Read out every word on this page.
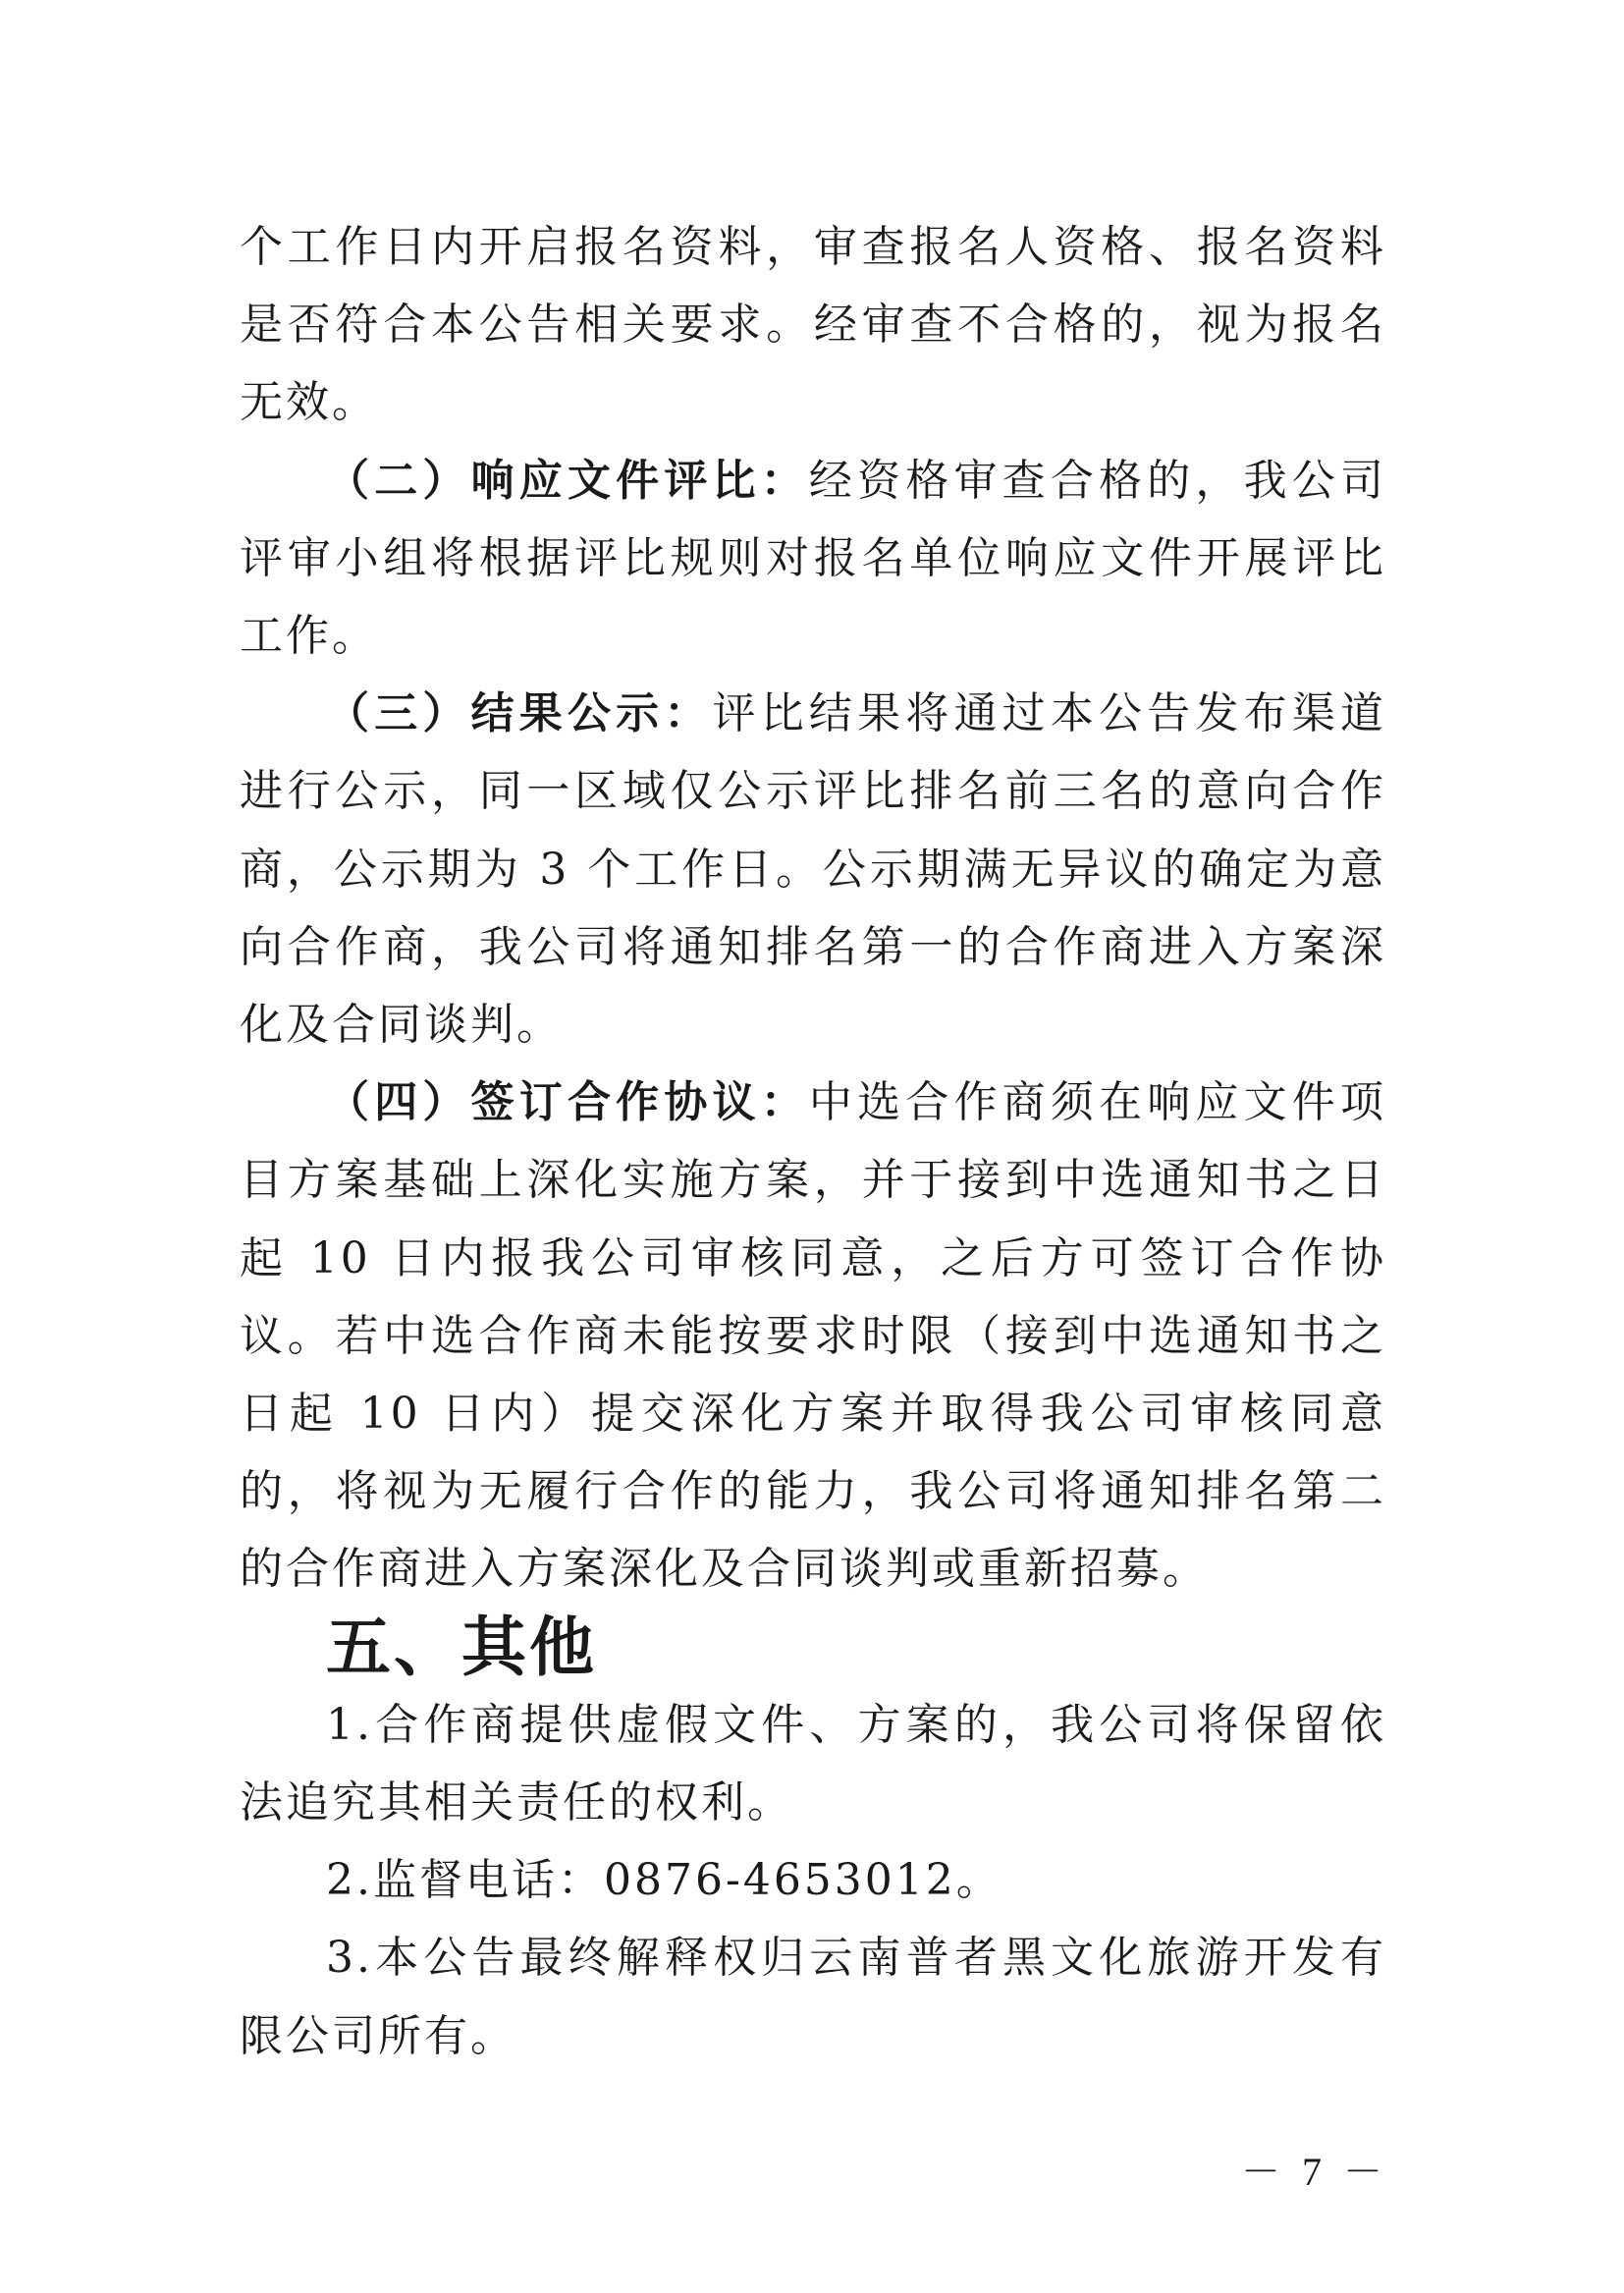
个工作日内开启报名资料，审查报名人资格、报名资料是否符合本公告相关要求。经审查不合格的，视为报名无效。

（二）响应文件评比：经资格审查合格的，我公司评审小组将根据评比规则对报名单位响应文件开展评比工作。

（三）结果公示：评比结果将通过本公告发布渠道进行公示，同一区域仅公示评比排名前三名的意向合作商，公示期为 3 个工作日。公示期满无异议的确定为意向合作商，我公司将通知排名第一的合作商进入方案深化及合同谈判。

（四）签订合作协议：中选合作商须在响应文件项目方案基础上深化实施方案，并于接到中选通知书之日起 10 日内报我公司审核同意，之后方可签订合作协议。若中选合作商未能按要求时限（接到中选通知书之日起 10 日内）提交深化方案并取得我公司审核同意的，将视为无履行合作的能力，我公司将通知排名第二的合作商进入方案深化及合同谈判或重新招募。

五、其他

1.合作商提供虚假文件、方案的，我公司将保留依法追究其相关责任的权利。

2.监督电话：0876-4653012。

3.本公告最终解释权归云南普者黑文化旅游开发有限公司所有。

－ 7 －
